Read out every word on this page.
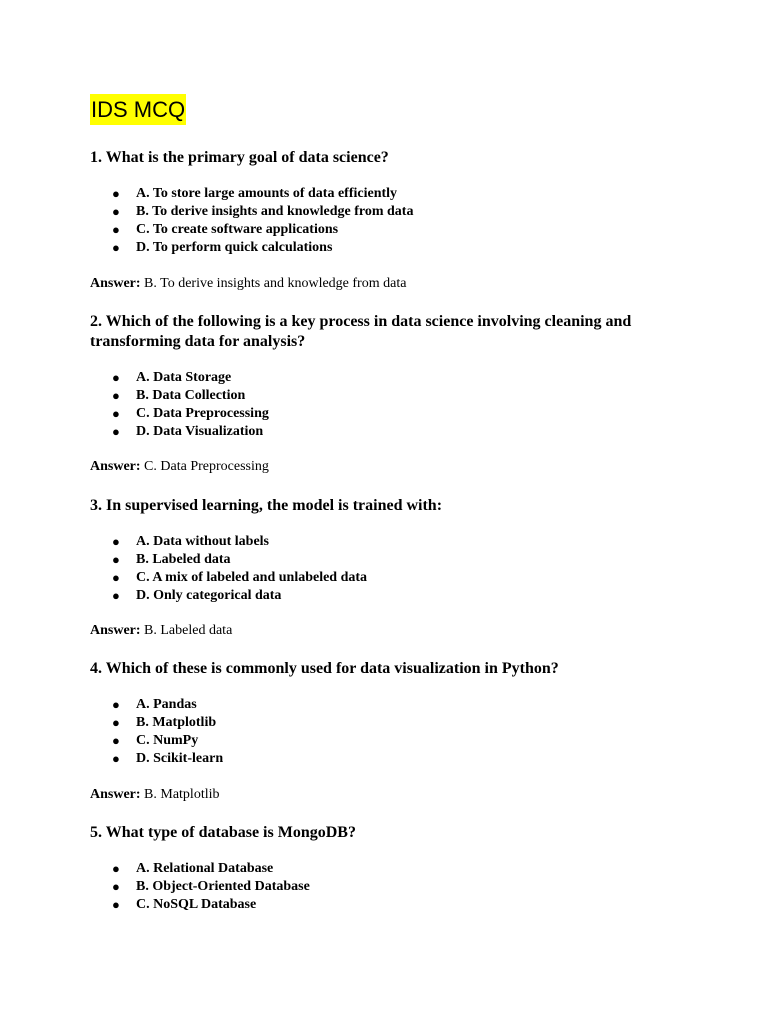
IDS MCQ
1. What is the primary goal of data science?
● A. To store large amounts of data efficiently
● B. To derive insights and knowledge from data
● C. To create software applications
● D. To perform quick calculations
Answer: B. To derive insights and knowledge from data
2. Which of the following is a key process in data science involving cleaning and transforming data for analysis?
● A. Data Storage
● B. Data Collection
● C. Data Preprocessing
● D. Data Visualization
Answer: C. Data Preprocessing
3. In supervised learning, the model is trained with:
● A. Data without labels
● B. Labeled data
● C. A mix of labeled and unlabeled data
● D. Only categorical data
Answer: B. Labeled data
4. Which of these is commonly used for data visualization in Python?
● A. Pandas
● B. Matplotlib
● C. NumPy
● D. Scikit-learn
Answer: B. Matplotlib
5. What type of database is MongoDB?
● A. Relational Database
● B. Object-Oriented Database
● C. NoSQL Database
